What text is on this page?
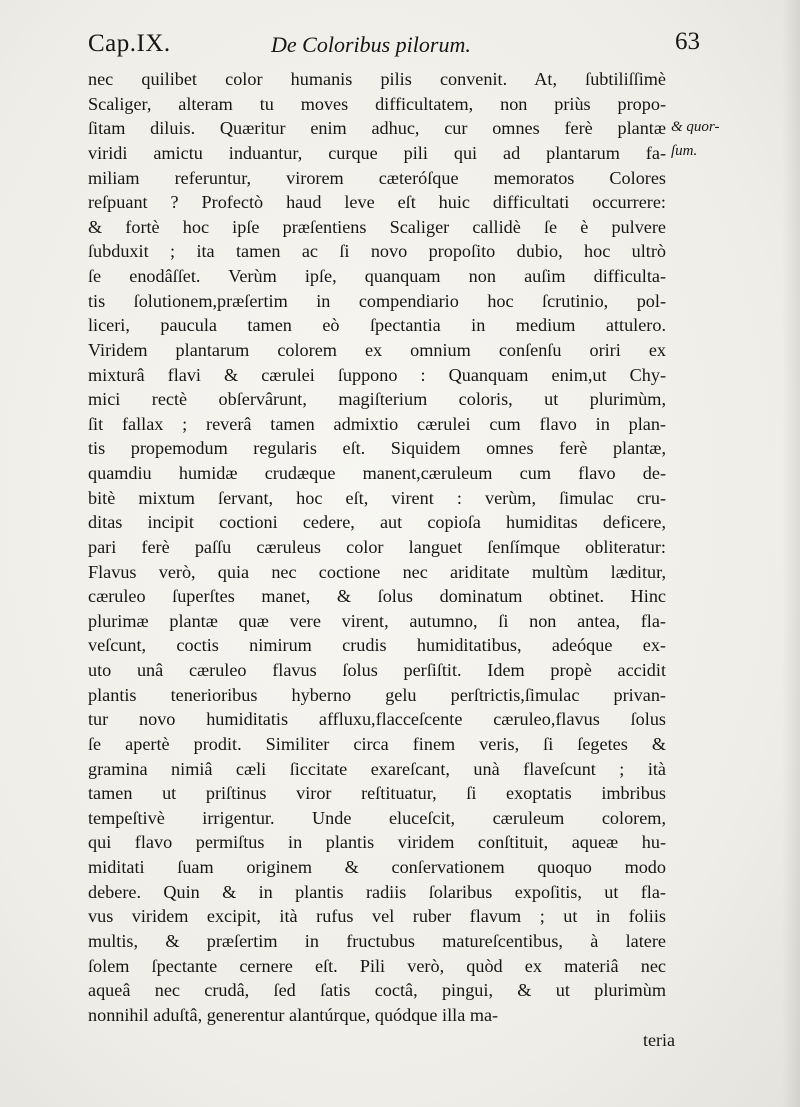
Cap.IX.	De Coloribus pilorum.	63
nec quilibet color humanis pilis convenit. At, ſubtiliſſimè
Scaliger, alteram tu moves difficultatem, non priùs propo-
ſitam diluis. Quæritur enim adhuc, cur omnes ferè plantæ
viridi amictu induantur, curque pili qui ad plantarum fa-
miliam referuntur, virorem cæteróſque memoratos Colores
reſpuant ? Profectò haud leve eſt huic difficultati occurrere:
& fortè hoc ipſe præſentiens Scaliger callidè ſe è pulvere
ſubduxit ; ita tamen ac ſi novo propoſito dubio, hoc ultrò
ſe enodâſſet. Verùm ipſe, quanquam non auſim difficulta-
tis ſolutionem,præſertim in compendiario hoc ſcrutinio, pol-
liceri, paucula tamen eò ſpectantia in medium attulero.
Viridem plantarum colorem ex omnium conſenſu oriri ex
mixturâ flavi & cærulei ſuppono : Quanquam enim,ut Chy-
mici rectè obſervârunt, magiſterium coloris, ut plurimùm,
ſit fallax ; reverâ tamen admixtio cærulei cum flavo in plan-
tis propemodum regularis eſt. Siquidem omnes ferè plantæ,
quamdiu humidæ crudæque manent,cæruleum cum flavo de-
bitè mixtum ſervant, hoc eſt, virent : verùm, ſimulac cru-
ditas incipit coctioni cedere, aut copioſa humiditas deficere,
pari ferè paſſu cæruleus color languet ſenſímque obliteratur:
Flavus verò, quia nec coctione nec ariditate multùm læditur,
cæruleo ſuperſtes manet, & ſolus dominatum obtinet. Hinc
plurimæ plantæ quæ vere virent, autumno, ſi non antea, fla-
veſcunt, coctis nimirum crudis humiditatibus, adeóque ex-
uto unâ cæruleo flavus ſolus perſiſtit. Idem propè accidit
plantis tenerioribus hyberno gelu perſtrictis,ſimulac privan-
tur novo humiditatis affluxu,flacceſcente cæruleo,flavus ſolus
ſe apertè prodit. Similiter circa finem veris, ſi ſegetes &
gramina nimiâ cæli ſiccitate exareſcant, unà flaveſcunt ; ità
tamen ut priſtinus viror reſtituatur, ſi exoptatis imbribus
tempeſtivè irrigentur. Unde eluceſcit, cæruleum colorem,
qui flavo permiſtus in plantis viridem conſtituit, aqueæ hu-
miditati ſuam originem & conſervationem quoquo modo
debere. Quin & in plantis radiis ſolaribus expoſitis, ut fla-
vus viridem excipit, ità rufus vel ruber flavum ; ut in foliis
multis, & præſertim in fructubus matureſcentibus, à latere
ſolem ſpectante cernere eſt. Pili verò, quòd ex materiâ nec
aqueâ nec crudâ, ſed ſatis coctâ, pingui, & ut plurimùm
nonnihil aduſtâ, generentur alantúrque, quódque illa ma-
& quor-
ſum.
teria
